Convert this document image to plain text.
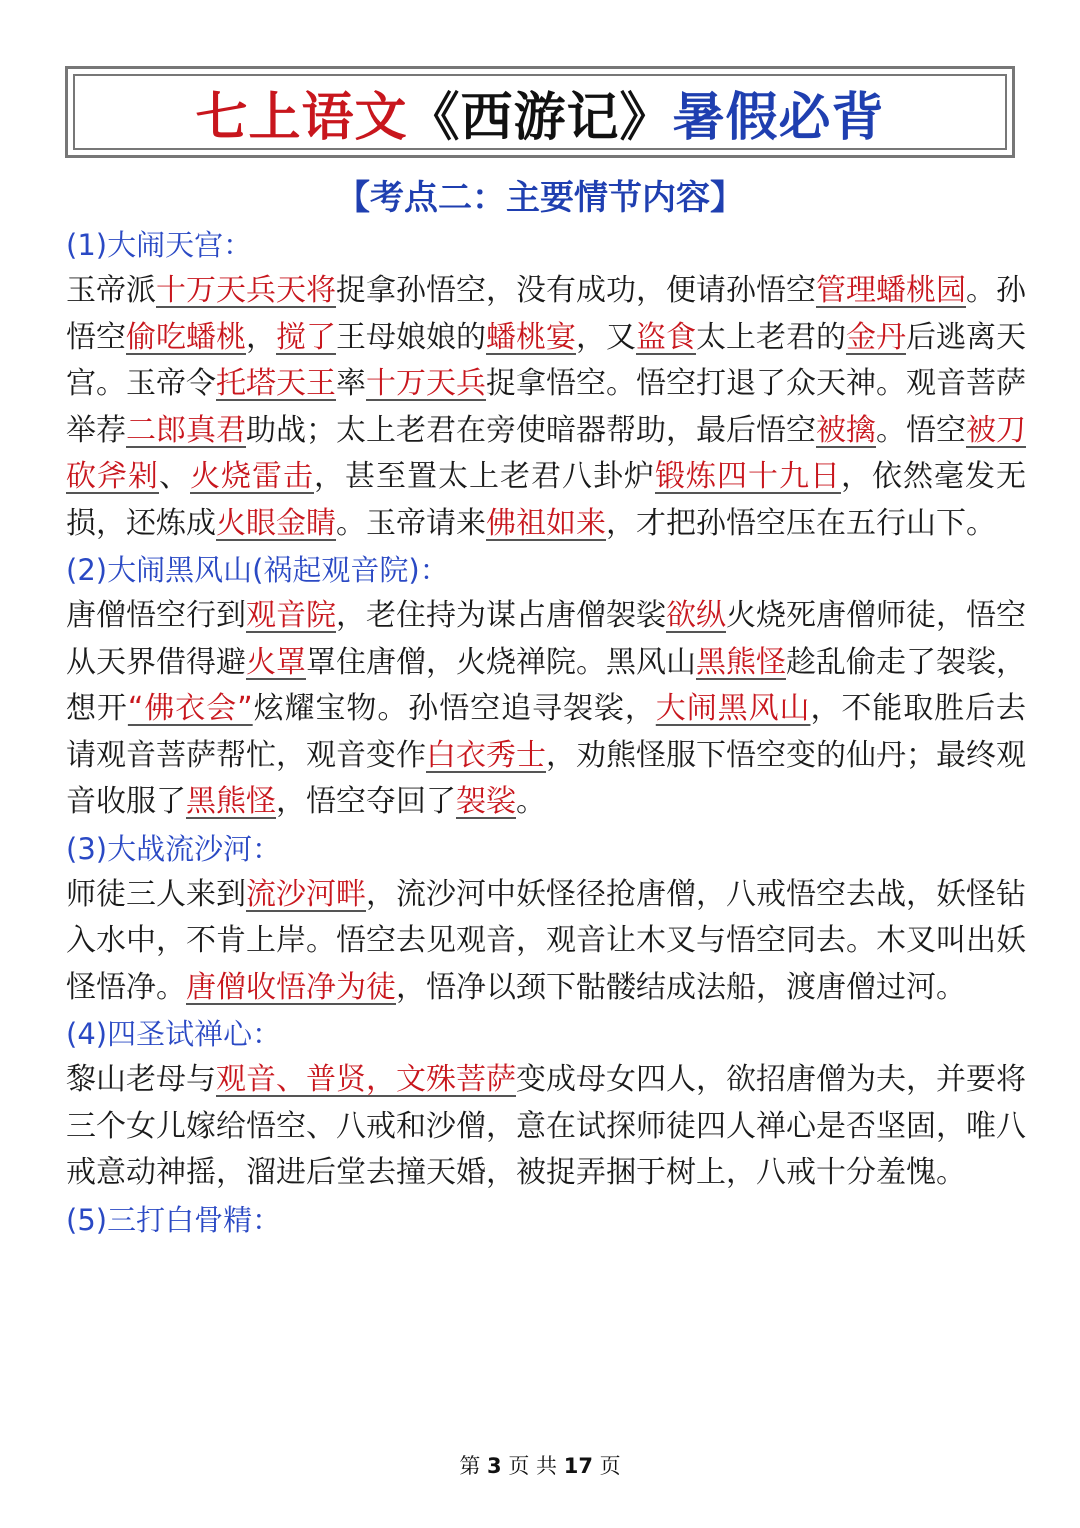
七上语文 《西游记》 暑假必背
【考点二：主要情节内容】
(1)大闹天宫：

玉帝派十万天兵天将捉拿孙悟空，没有成功，便请孙悟空管理蟠桃园。孙悟空偷吃蟠桃，搅了王母娘娘的蟠桃宴，又盗食太上老君的金丹后逃离天宫。玉帝令托塔天王率十万天兵捉拿悟空。悟空打退了众天神。观音菩萨举荐二郎真君助战；太上老君在旁使暗器帮助，最后悟空被擒。悟空被刀砍斧剁、火烧雷击，甚至置太上老君八卦炉锻炼四十九日，依然毫发无损，还炼成火眼金睛。玉帝请来佛祖如来，才把孙悟空压在五行山下。

(2)大闹黑风山(祸起观音院)：

唐僧悟空行到观音院，老住持为谋占唐僧袈裟欲纵火烧死唐僧师徒，悟空从天界借得避火罩罩住唐僧，火烧禅院。黑风山黑熊怪趁乱偷走了袈裟，想开“佛衣会”炫耀宝物。孙悟空追寻袈裟，大闹黑风山，不能取胜后去请观音菩萨帮忙，观音变作白衣秀士，劝熊怪服下悟空变的仙丹；最终观音收服了黑熊怪，悟空夺回了袈裟。

(3)大战流沙河：

师徒三人来到流沙河畔，流沙河中妖怪径抢唐僧，八戒悟空去战，妖怪钻入水中，不肯上岸。悟空去见观音，观音让木叉与悟空同去。木叉叫出妖怪悟净。唐僧收悟净为徒，悟净以颈下骷髅结成法船，渡唐僧过河。

(4)四圣试禅心：

黎山老母与观音、普贤，文殊菩萨变成母女四人，欲招唐僧为夫，并要将三个女儿嫁给悟空、八戒和沙僧，意在试探师徒四人禅心是否坚固，唯八戒意动神摇，溜进后堂去撞天婚，被捉弄捆于树上，八戒十分羞愧。

(5)三打白骨精：
第 3 页 共 17 页
